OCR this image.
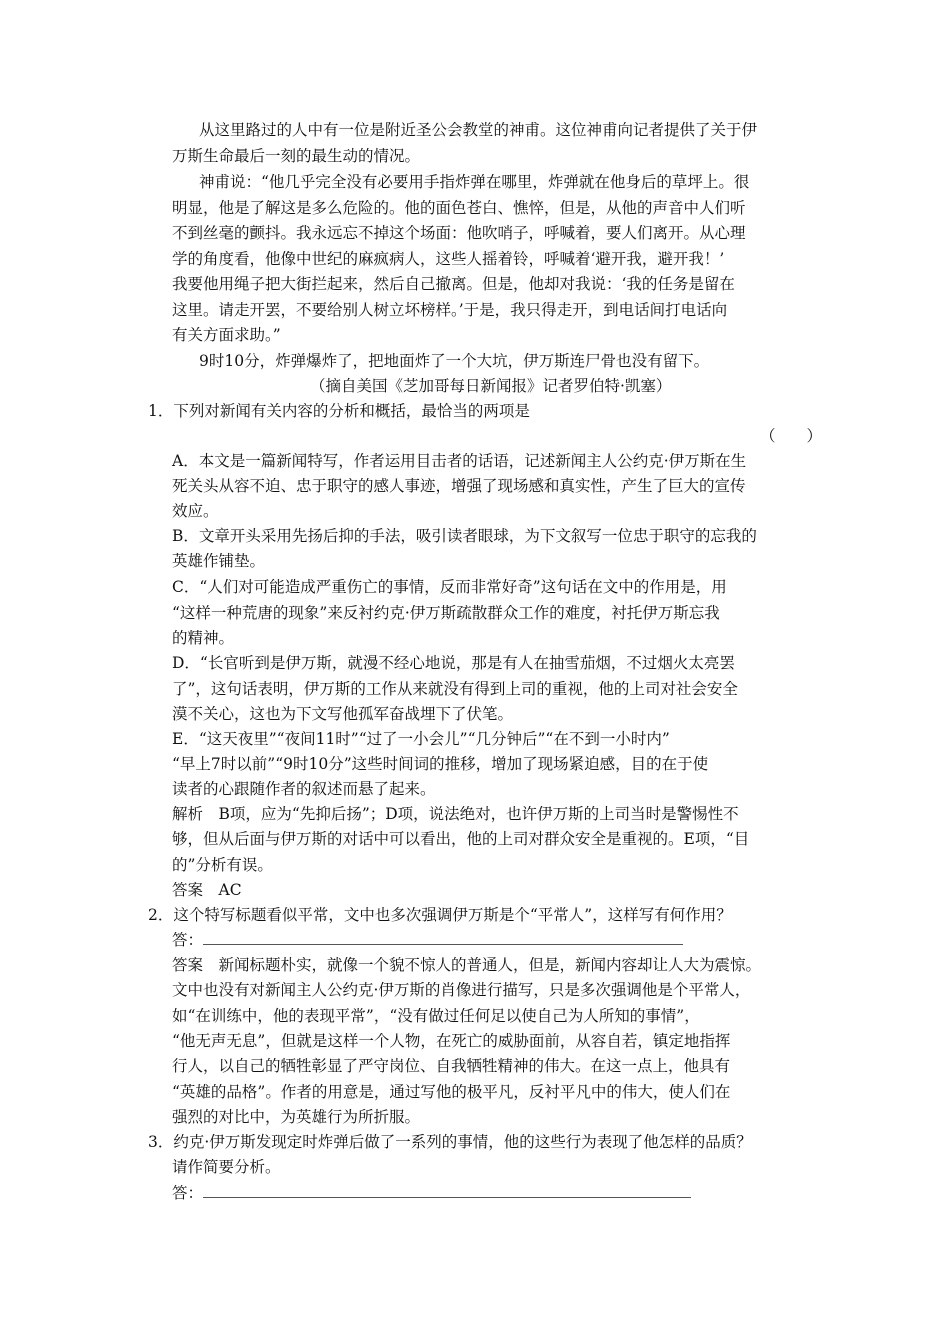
从这里路过的人中有一位是附近圣公会教堂的神甫。这位神甫向记者提供了关于伊
万斯生命最后一刻的最生动的情况。
神甫说：“他几乎完全没有必要用手指炸弹在哪里，炸弹就在他身后的草坪上。很
明显，他是了解这是多么危险的。他的面色苍白、憔悴，但是，从他的声音中人们听
不到丝毫的颤抖。我永远忘不掉这个场面：他吹哨子，呼喊着，要人们离开。从心理
学的角度看，他像中世纪的麻疯病人，这些人摇着铃，呼喊着‘避开我，避开我！’
我要他用绳子把大街拦起来，然后自己撤离。但是，他却对我说：‘我的任务是留在
这里。请走开罢，不要给别人树立坏榜样。’于是，我只得走开，到电话间打电话向
有关方面求助。”
9时10分，炸弹爆炸了，把地面炸了一个大坑，伊万斯连尸骨也没有留下。
（摘自美国《芝加哥每日新闻报》记者罗伯特·凯塞）
1．下列对新闻有关内容的分析和概括，最恰当的两项是
（　　）
A．本文是一篇新闻特写，作者运用目击者的话语，记述新闻主人公约克·伊万斯在生
死关头从容不迫、忠于职守的感人事迹，增强了现场感和真实性，产生了巨大的宣传
效应。
B．文章开头采用先扬后抑的手法，吸引读者眼球，为下文叙写一位忠于职守的忘我的
英雄作铺垫。
C．“人们对可能造成严重伤亡的事情，反而非常好奇”这句话在文中的作用是，用
“这样一种荒唐的现象”来反衬约克·伊万斯疏散群众工作的难度，衬托伊万斯忘我
的精神。
D．“长官听到是伊万斯，就漫不经心地说，那是有人在抽雪茄烟，不过烟火太亮罢
了”，这句话表明，伊万斯的工作从来就没有得到上司的重视，他的上司对社会安全
漠不关心，这也为下文写他孤军奋战埋下了伏笔。
E．“这天夜里”“夜间11时”“过了一小会儿”“几分钟后”“在不到一小时内”
“早上7时以前”“9时10分”这些时间词的推移，增加了现场紧迫感，目的在于使
读者的心跟随作者的叙述而悬了起来。
解析　B项，应为“先抑后扬”；D项，说法绝对，也许伊万斯的上司当时是警惕性不
够，但从后面与伊万斯的对话中可以看出，他的上司对群众安全是重视的。E项，“目
的”分析有误。
答案　AC
2．这个特写标题看似平常，文中也多次强调伊万斯是个“平常人”，这样写有何作用？
答：
答案　新闻标题朴实，就像一个貌不惊人的普通人，但是，新闻内容却让人大为震惊。
文中也没有对新闻主人公约克·伊万斯的肖像进行描写，只是多次强调他是个平常人，
如“在训练中，他的表现平常”，“没有做过任何足以使自己为人所知的事情”，
“他无声无息”，但就是这样一个人物，在死亡的威胁面前，从容自若，镇定地指挥
行人，以自己的牺牲彰显了严守岗位、自我牺牲精神的伟大。在这一点上，他具有
“英雄的品格”。作者的用意是，通过写他的极平凡，反衬平凡中的伟大，使人们在
强烈的对比中，为英雄行为所折服。
3．约克·伊万斯发现定时炸弹后做了一系列的事情，他的这些行为表现了他怎样的品质？
请作简要分析。
答：
